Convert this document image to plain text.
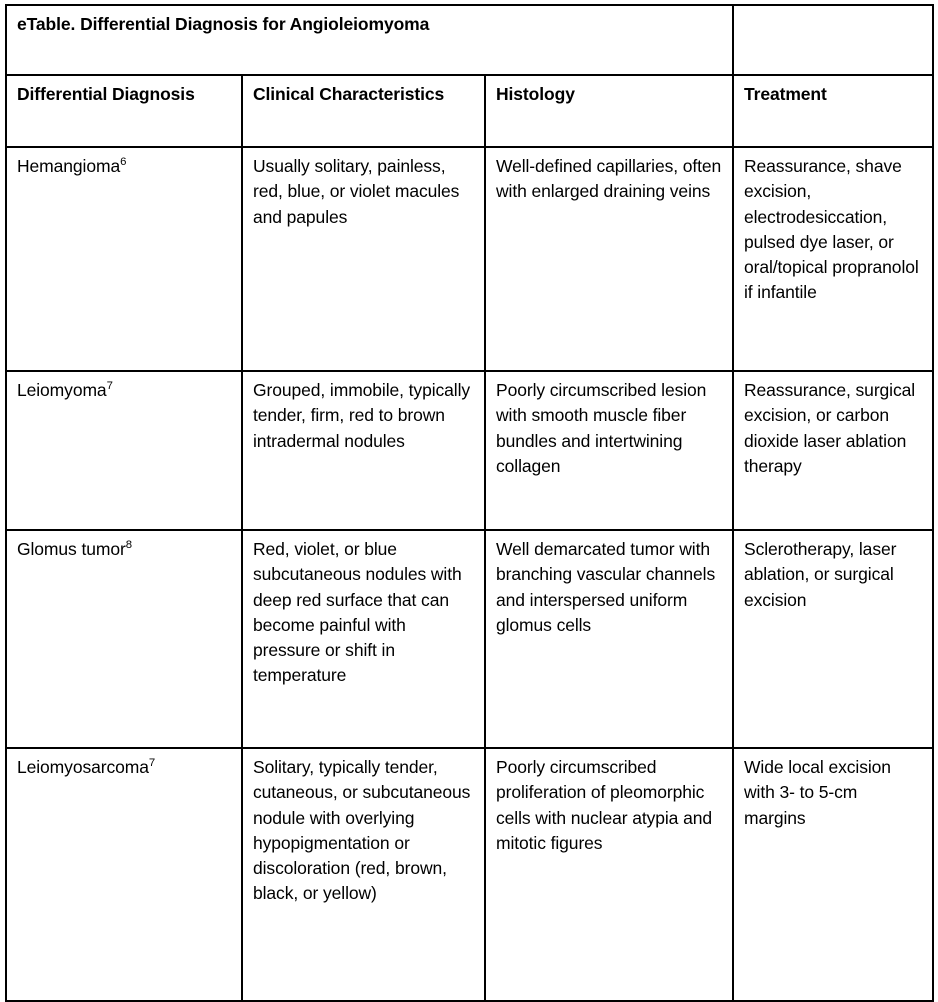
eTable. Differential Diagnosis for Angioleiomyoma			
Differential Diagnosis	Clinical Characteristics	Histology	Treatment
Hemangioma$^6$	Usually solitary, painless, red, blue, or violet macules and papules	Well-defined capillaries, often with enlarged draining veins	Reassurance, shave excision, electrodesiccation, pulsed dye laser, or oral/topical propranolol if infantile
Leiomyoma$^7$	Grouped, immobile, typically tender, firm, red to brown intradermal nodules	Poorly circumscribed lesion with smooth muscle fiber bundles and intertwining collagen	Reassurance, surgical excision, or carbon dioxide laser ablation therapy
Glomus tumor$^8$	Red, violet, or blue subcutaneous nodules with deep red surface that can become painful with pressure or shift in temperature	Well demarcated tumor with branching vascular channels and interspersed uniform glomus cells	Sclerotherapy, laser ablation, or surgical excision
Leiomyosarcoma$^7$	Solitary, typically tender, cutaneous, or subcutaneous nodule with overlying hypopigmentation or discoloration (red, brown, black, or yellow)	Poorly circumscribed proliferation of pleomorphic cells with nuclear atypia and mitotic figures	Wide local excision with 3- to 5-cm margins
